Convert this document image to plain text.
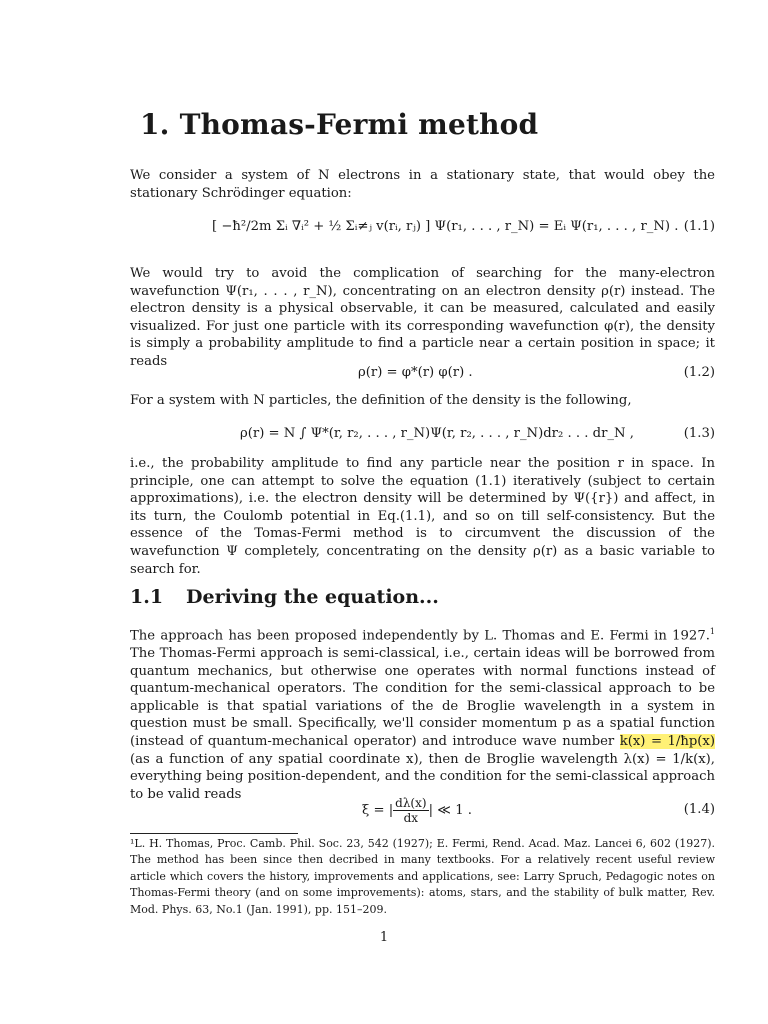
1. Thomas-Fermi method
We consider a system of N electrons in a stationary state, that would obey the stationary Schrödinger equation:
[ −ħ²/2m Σᵢ ∇ᵢ² + ½ Σᵢ≠ⱼ v(rᵢ, rⱼ) ] Ψ(r₁, . . . , r_N) = Eᵢ Ψ(r₁, . . . , r_N) . (1.1)
We would try to avoid the complication of searching for the many-electron wavefunction Ψ(r₁, . . . , r_N), concentrating on an electron density ρ(r) instead. The electron density is a physical observable, it can be measured, calculated and easily visualized. For just one particle with its corresponding wavefunction φ(r), the density is simply a probability amplitude to find a particle near a certain position in space; it reads
ρ(r) = φ*(r) φ(r) .	(1.2)
For a system with N particles, the definition of the density is the following,
ρ(r) = N ∫ Ψ*(r, r₂, . . . , r_N)Ψ(r, r₂, . . . , r_N)dr₂ . . . dr_N ,	(1.3)
i.e., the probability amplitude to find any particle near the position r in space. In principle, one can attempt to solve the equation (1.1) iteratively (subject to certain approximations), i.e. the electron density will be determined by Ψ({r}) and affect, in its turn, the Coulomb potential in Eq.(1.1), and so on till self-consistency. But the essence of the Tomas-Fermi method is to circumvent the discussion of the wavefunction Ψ completely, concentrating on the density ρ(r) as a basic variable to search for.
1.1 Deriving the equation...
The approach has been proposed independently by L. Thomas and E. Fermi in 1927.$^1$ The Thomas-Fermi approach is semi-classical, i.e., certain ideas will be borrowed from quantum mechanics, but otherwise one operates with normal functions instead of quantum-mechanical operators. The condition for the semi-classical approach to be applicable is that spatial variations of the de Broglie wavelength in a system in question must be small. Specifically, we'll consider momentum p as a spatial function (instead of quantum-mechanical operator) and introduce wave number k(x) = 1/ħp(x) (as a function of any spatial coordinate x), then de Broglie wavelength λ(x) = 1/k(x), everything being position-dependent, and the condition for the semi-classical approach to be valid reads
ξ = | $\frac{d\lambda(x)}{dx}$ | ≪ 1 .	(1.4)
¹L. H. Thomas, Proc. Camb. Phil. Soc. 23, 542 (1927); E. Fermi, Rend. Acad. Maz. Lancei 6, 602 (1927). The method has been since then decribed in many textbooks. For a relatively recent useful review article which covers the history, improvements and applications, see: Larry Spruch, Pedagogic notes on Thomas-Fermi theory (and on some improvements): atoms, stars, and the stability of bulk matter, Rev. Mod. Phys. 63, No.1 (Jan. 1991), pp. 151–209.
1
